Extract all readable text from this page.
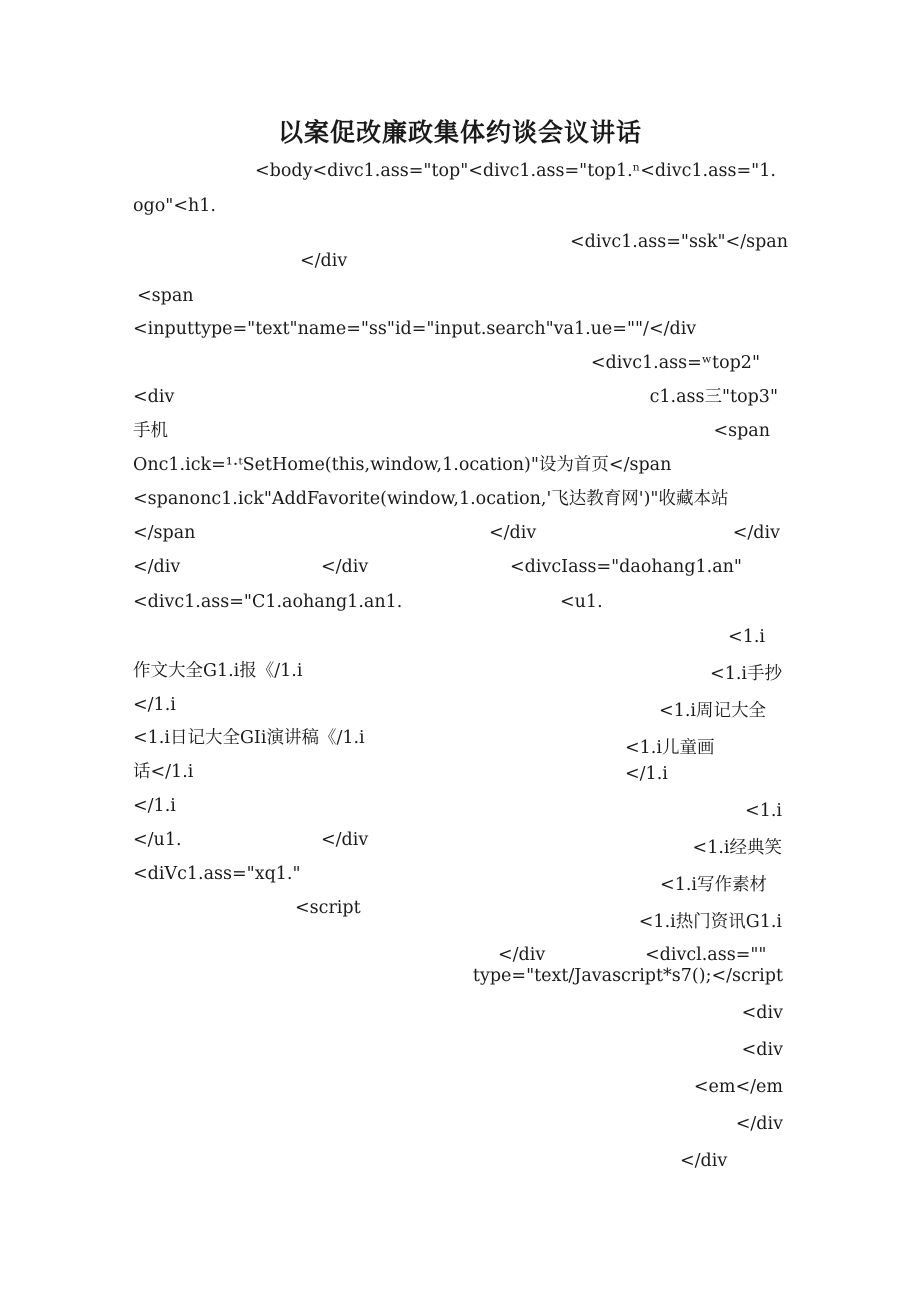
以案促改廉政集体约谈会议讲话
<body<divc1.ass="top"<divc1.ass="top1.ⁿ<divc1.ass="1.
ogo"<h1.
<divc1.ass="ssk"</span
</div
<span
<inputtype="text"name="ss"id="input.search"va1.ue=""/</div
<divc1.ass=ʷtop2"
<div	c1.ass三"top3"
手机	<span
Onc1.ick=¹·ᵗSetHome(this,window,1.ocation)"设为首页</span
<spanonc1.ick"AddFavorite(window,1.ocation,'飞达教育网')"收藏本站
</span	</div	</div
</div	</div	<divcIass="daohang1.an"
<divc1.ass="C1.aohang1.an1.	<u1.
<1.i
作文大全G1.i报《/1.i	<1.i手抄
</1.i	<1.i周记大全
<1.i日记大全GIi演讲稿《/1.i	<1.i儿童画
话</1.i	</1.i
</1.i	<1.i
</u1.	</div	<1.i经典笑
<diVc1.ass="xq1."
<1.i写作素材
<script
<1.i热门资讯G1.i
</div	<divcl.ass=""
type="text/Javascript*s7();</script
<div
<div
<em</em
</div
</div
